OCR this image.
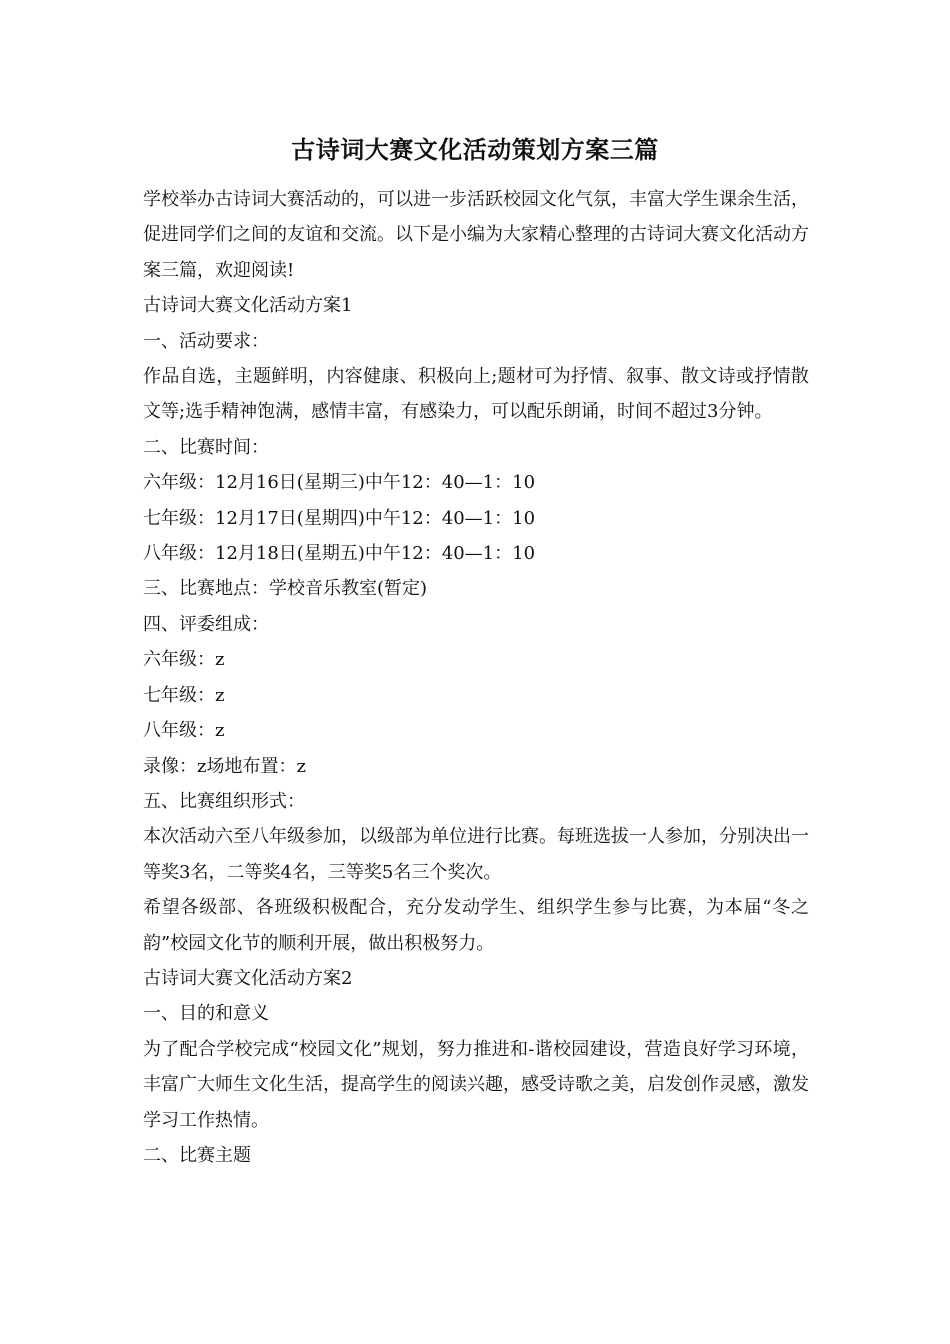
古诗词大赛文化活动策划方案三篇

学校举办古诗词大赛活动的，可以进一步活跃校园文化气氛，丰富大学生课余生活，促进同学们之间的友谊和交流。以下是小编为大家精心整理的古诗词大赛文化活动方案三篇，欢迎阅读!

古诗词大赛文化活动方案1

一、活动要求：

作品自选，主题鲜明，内容健康、积极向上;题材可为抒情、叙事、散文诗或抒情散文等;选手精神饱满，感情丰富，有感染力，可以配乐朗诵，时间不超过3分钟。

二、比赛时间：

六年级：12月16日(星期三)中午12：40—1：10

七年级：12月17日(星期四)中午12：40—1：10

八年级：12月18日(星期五)中午12：40—1：10

三、比赛地点：学校音乐教室(暂定)

四、评委组成：

六年级：z

七年级：z

八年级：z

录像：z场地布置：z

五、比赛组织形式：

本次活动六至八年级参加，以级部为单位进行比赛。每班选拔一人参加，分别决出一等奖3名，二等奖4名，三等奖5名三个奖次。

希望各级部、各班级积极配合，充分发动学生、组织学生参与比赛，为本届“冬之韵”校园文化节的顺利开展，做出积极努力。

古诗词大赛文化活动方案2

一、目的和意义

为了配合学校完成“校园文化”规划，努力推进和-谐校园建设，营造良好学习环境，丰富广大师生文化生活，提高学生的阅读兴趣，感受诗歌之美，启发创作灵感，激发学习工作热情。

二、比赛主题
